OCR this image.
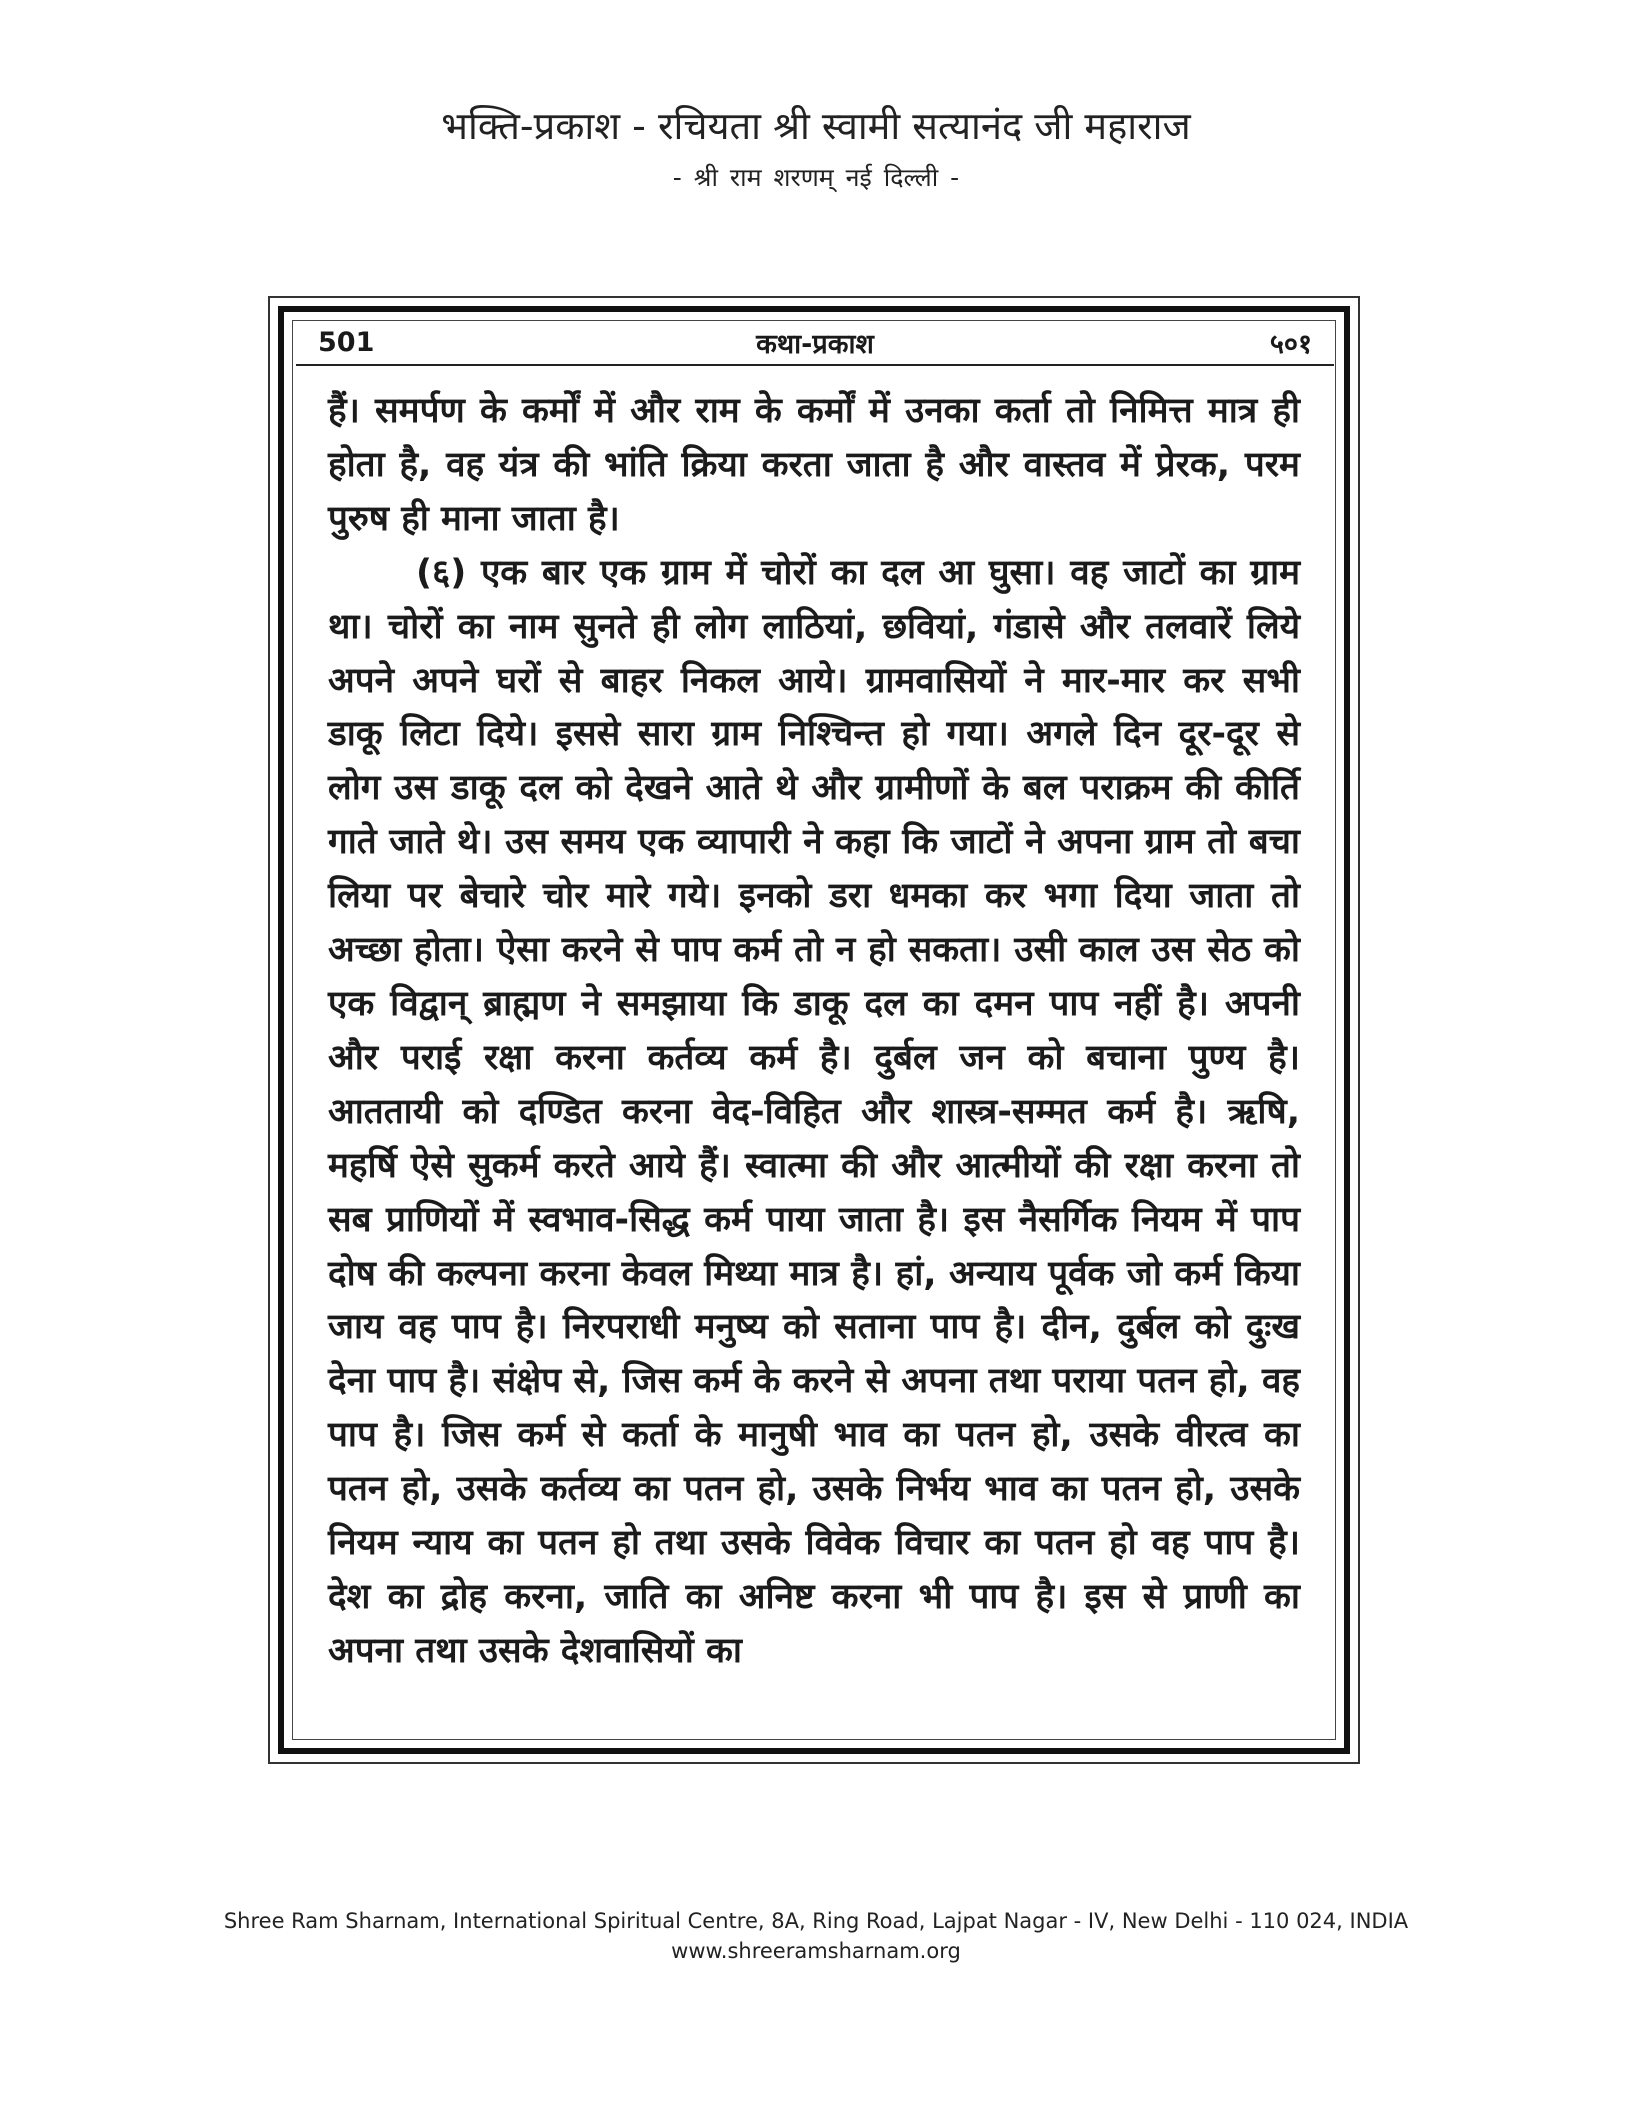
भक्ति-प्रकाश - रचियता श्री स्वामी सत्यानंद जी महाराज
- श्री राम शरणम् नई दिल्ली -
501	कथा-प्रकाश	५०१

हैं। समर्पण के कर्मों में और राम के कर्मों में उनका कर्ता तो निमित्त मात्र ही होता है, वह यंत्र की भांति क्रिया करता जाता है और वास्तव में प्रेरक, परम पुरुष ही माना जाता है।

(६) एक बार एक ग्राम में चोरों का दल आ घुसा। वह जाटों का ग्राम था। चोरों का नाम सुनते ही लोग लाठियां, छवियां, गंडासे और तलवारें लिये अपने अपने घरों से बाहर निकल आये। ग्रामवासियों ने मार-मार कर सभी डाकू लिटा दिये। इससे सारा ग्राम निश्चिन्त हो गया। अगले दिन दूर-दूर से लोग उस डाकू दल को देखने आते थे और ग्रामीणों के बल पराक्रम की कीर्ति गाते जाते थे। उस समय एक व्यापारी ने कहा कि जाटों ने अपना ग्राम तो बचा लिया पर बेचारे चोर मारे गये। इनको डरा धमका कर भगा दिया जाता तो अच्छा होता। ऐसा करने से पाप कर्म तो न हो सकता। उसी काल उस सेठ को एक विद्वान् ब्राह्मण ने समझाया कि डाकू दल का दमन पाप नहीं है। अपनी और पराई रक्षा करना कर्तव्य कर्म है। दुर्बल जन को बचाना पुण्य है। आततायी को दण्डित करना वेद-विहित और शास्त्र-सम्मत कर्म है। ऋषि, महर्षि ऐसे सुकर्म करते आये हैं। स्वात्मा की और आत्मीयों की रक्षा करना तो सब प्राणियों में स्वभाव-सिद्ध कर्म पाया जाता है। इस नैसर्गिक नियम में पाप दोष की कल्पना करना केवल मिथ्या मात्र है। हां, अन्याय पूर्वक जो कर्म किया जाय वह पाप है। निरपराधी मनुष्य को सताना पाप है। दीन, दुर्बल को दुःख देना पाप है। संक्षेप से, जिस कर्म के करने से अपना तथा पराया पतन हो, वह पाप है। जिस कर्म से कर्ता के मानुषी भाव का पतन हो, उसके वीरत्व का पतन हो, उसके कर्तव्य का पतन हो, उसके निर्भय भाव का पतन हो, उसके नियम न्याय का पतन हो तथा उसके विवेक विचार का पतन हो वह पाप है। देश का द्रोह करना, जाति का अनिष्ट करना भी पाप है। इस से प्राणी का अपना तथा उसके देशवासियों का

Shree Ram Sharnam, International Spiritual Centre, 8A, Ring Road, Lajpat Nagar - IV, New Delhi - 110 024, INDIA
www.shreeramsharnam.org
